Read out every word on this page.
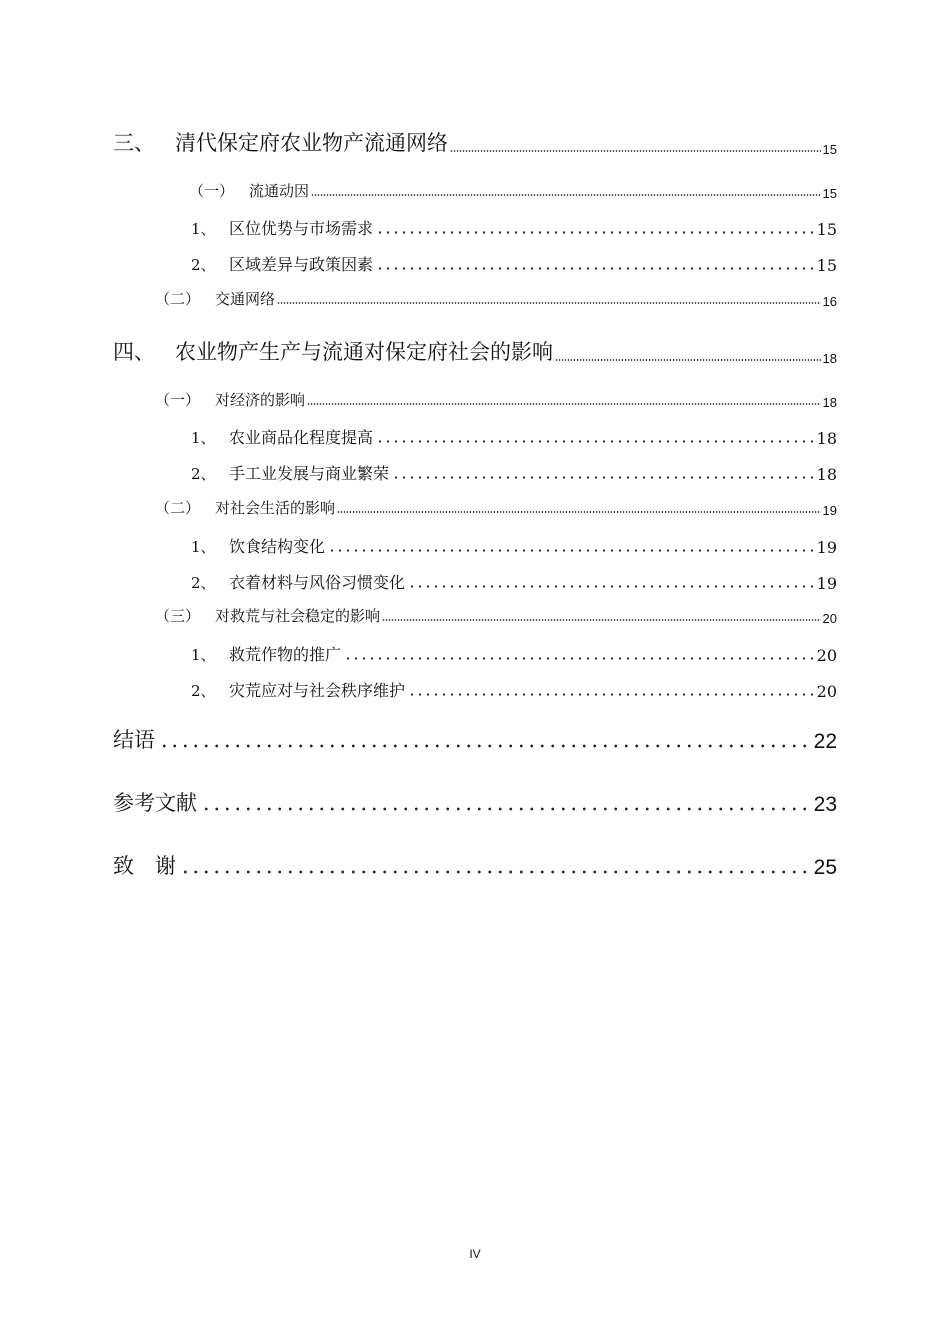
三、 清代保定府农业物产流通网络	15
（一） 流通动因	15
1、 区位优势与市场需求	15
2、 区域差异与政策因素	15
（二） 交通网络	16
四、 农业物产生产与流通对保定府社会的影响	18
（一） 对经济的影响	18
1、 农业商品化程度提高	18
2、 手工业发展与商业繁荣	18
（二） 对社会生活的影响	19
1、 饮食结构变化	19
2、 衣着材料与风俗习惯变化	19
（三） 对救荒与社会稳定的影响	20
1、 救荒作物的推广	20
2、 灾荒应对与社会秩序维护	20
结语	22
参考文献	23
致　谢	25
IV
